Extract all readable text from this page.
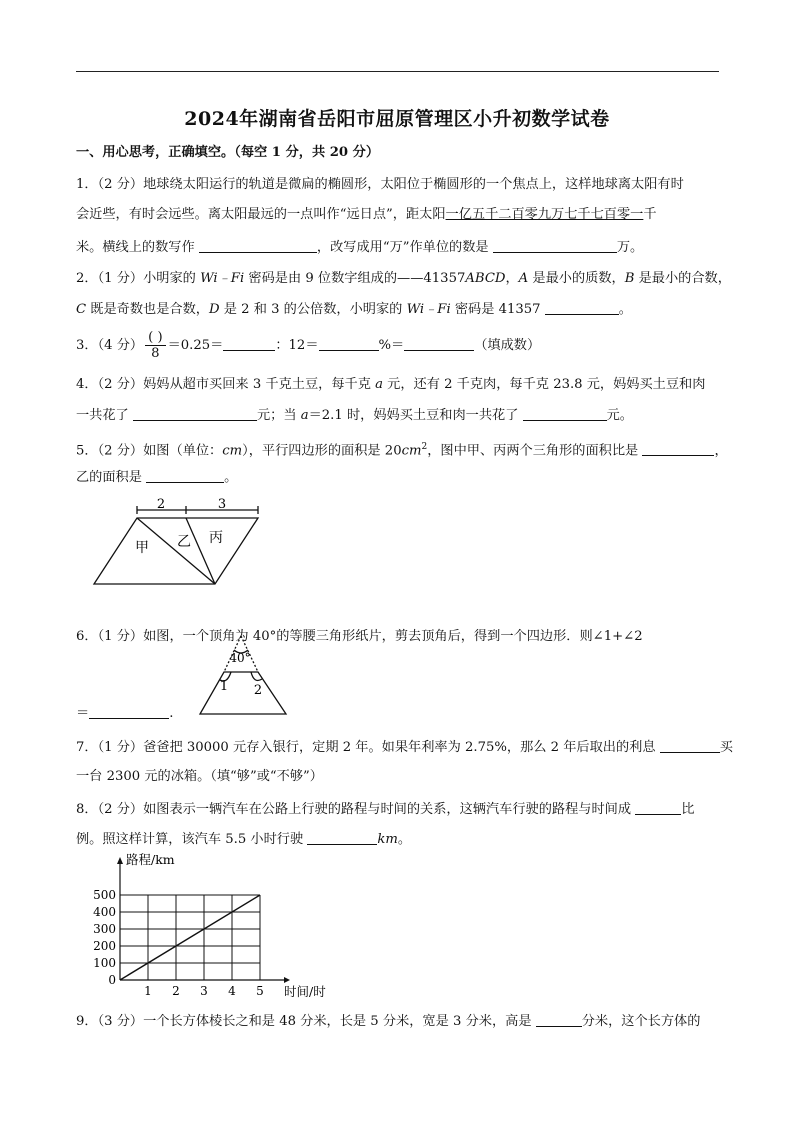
2024年湖南省岳阳市屈原管理区小升初数学试卷
一、用心思考，正确填空。（每空 1 分，共 20 分）
1．（2 分）地球绕太阳运行的轨道是微扁的椭圆形，太阳位于椭圆形的一个焦点上，这样地球离太阳有时
会近些，有时会远些。离太阳最远的一点叫作“远日点”，距太阳一亿五千二百零九万七千七百零一千
米。横线上的数写作	，改写成用“万”作单位的数是	万。
2．（1 分）小明家的 Wi﹣Fi 密码是由 9 位数字组成的——41357ABCD，A 是最小的质数，B 是最小的合数，
C 既是奇数也是合数，D 是 2 和 3 的公倍数，小明家的 Wi﹣Fi 密码是 41357	。
3．（4 分） $\frac{( )}{8} =0.25=$	：12＝	%＝	（填成数）
4．（2 分）妈妈从超市买回来 3 千克土豆，每千克 a 元，还有 2 千克肉，每千克 23.8 元，妈妈买土豆和肉
一共花了	元；当 a＝2.1 时，妈妈买土豆和肉一共花了	元。
5．（2 分）如图（单位：cm），平行四边形的面积是 $20cm^2$，图中甲、丙两个三角形的面积比是	，
乙的面积是	。
2	3
甲 乙 丙
6．（1 分）如图，一个顶角为 40°的等腰三角形纸片，剪去顶角后，得到一个四边形．则∠1+∠2
＝	.
40°
1 2
7．（1 分）爸爸把 30000 元存入银行，定期 2 年。如果年利率为 2.75%，那么 2 年后取出的利息	买
一台 2300 元的冰箱。（填“够”或“不够”）
8．（2 分）如图表示一辆汽车在公路上行驶的路程与时间的关系，这辆汽车行驶的路程与时间成	比
例。照这样计算，该汽车 5.5 小时行驶	km。
1 2 3 4 5
0
100
200
300
400
500
时间/时
路程/km
9．（3 分）一个长方体棱长之和是 48 分米，长是 5 分米，宽是 3 分米，高是	分米，这个长方体的
